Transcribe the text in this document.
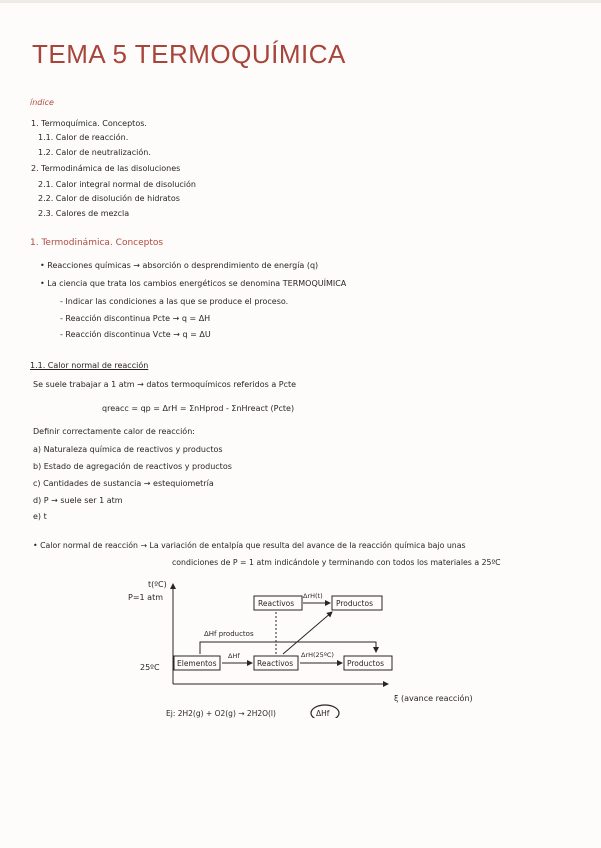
TEMA 5 TERMOQUÍMICA
índice
1. Termoquímica. Conceptos.
1.1. Calor de reacción.
1.2. Calor de neutralización.
2. Termodinámica de las disoluciones
2.1. Calor integral normal de disolución
2.2. Calor de disolución de hidratos
2.3. Calores de mezcla
1. Termodinámica. Conceptos
• Reacciones químicas → absorción o desprendimiento de energía (q)
• La ciencia que trata los cambios energéticos se denomina TERMOQUÍMICA
- Indicar las condiciones a las que se produce el proceso.
- Reacción discontinua Pcte → q = ΔH
- Reacción discontinua Vcte → q = ΔU
1.1. Calor normal de reacción
Se suele trabajar a 1 atm → datos termoquímicos referidos a Pcte
qreacc = qp = ΔrH = ΣnHprod - ΣnHreact (Pcte)
Definir correctamente calor de reacción:
a) Naturaleza química de reactivos y productos
b) Estado de agregación de reactivos y productos
c) Cantidades de sustancia → estequiometría
d) P → suele ser 1 atm
e) t
• Calor normal de reacción → La variación de entalpía que resulta del avance de la reacción química bajo unas
condiciones de P = 1 atm indicándole y terminando con todos los materiales a 25ºC
t(ºC)
P=1 atm
25ºC
ξ (avance reacción)
Reactivos
ΔrH(t)
Productos
ΔHf productos
Elementos
ΔHf
Reactivos
ΔrH(25ºC)
Productos
Ej: 2H2(g) + O2(g) → 2H2O(l)	ΔHf
